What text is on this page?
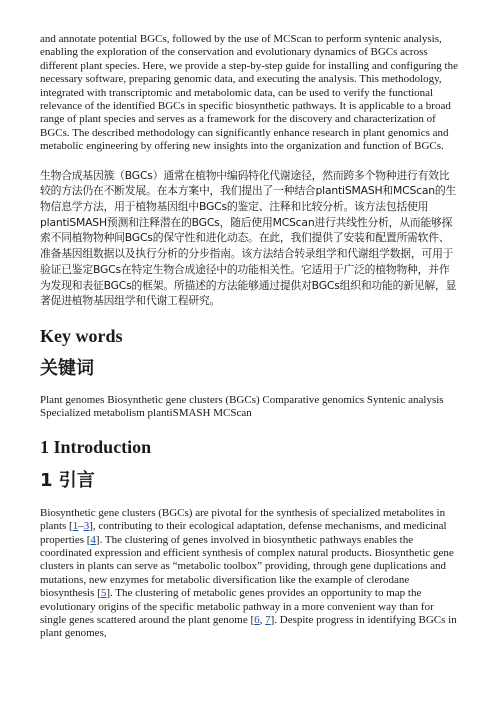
and annotate potential BGCs, followed by the use of MCScan to perform syntenic analysis, enabling the exploration of the conservation and evolutionary dynamics of BGCs across different plant species. Here, we provide a step-by-step guide for installing and configuring the necessary software, preparing genomic data, and executing the analysis. This methodology, integrated with transcriptomic and metabolomic data, can be used to verify the functional relevance of the identified BGCs in specific biosynthetic pathways. It is applicable to a broad range of plant species and serves as a framework for the discovery and characterization of BGCs. The described methodology can significantly enhance research in plant genomics and metabolic engineering by offering new insights into the organization and function of BGCs.

生物合成基因簇（BGCs）通常在植物中编码特化代谢途径，然而跨多个物种进行有效比较的方法仍在不断发展。在本方案中，我们提出了一种结合plantiSMASH和MCScan的生物信息学方法，用于植物基因组中BGCs的鉴定、注释和比较分析。该方法包括使用plantiSMASH预测和注释潜在的BGCs，随后使用MCScan进行共线性分析，从而能够探索不同植物物种间BGCs的保守性和进化动态。在此，我们提供了安装和配置所需软件、准备基因组数据以及执行分析的分步指南。该方法结合转录组学和代谢组学数据，可用于验证已鉴定BGCs在特定生物合成途径中的功能相关性。它适用于广泛的植物物种，并作为发现和表征BGCs的框架。所描述的方法能够通过提供对BGCs组织和功能的新见解，显著促进植物基因组学和代谢工程研究。

Key words
关键词

Plant genomes Biosynthetic gene clusters (BGCs) Comparative genomics Syntenic analysis Specialized metabolism plantiSMASH MCScan

1 Introduction
1 引言

Biosynthetic gene clusters (BGCs) are pivotal for the synthesis of specialized metabolites in plants [1–3], contributing to their ecological adaptation, defense mechanisms, and medicinal properties [4]. The clustering of genes involved in biosynthetic pathways enables the coordinated expression and efficient synthesis of complex natural products. Biosynthetic gene clusters in plants can serve as “metabolic toolbox” providing, through gene duplications and mutations, new enzymes for metabolic diversification like the example of clerodane biosynthesis [5]. The clustering of metabolic genes provides an opportunity to map the evolutionary origins of the specific metabolic pathway in a more convenient way than for single genes scattered around the plant genome [6, 7]. Despite progress in identifying BGCs in plant genomes,
